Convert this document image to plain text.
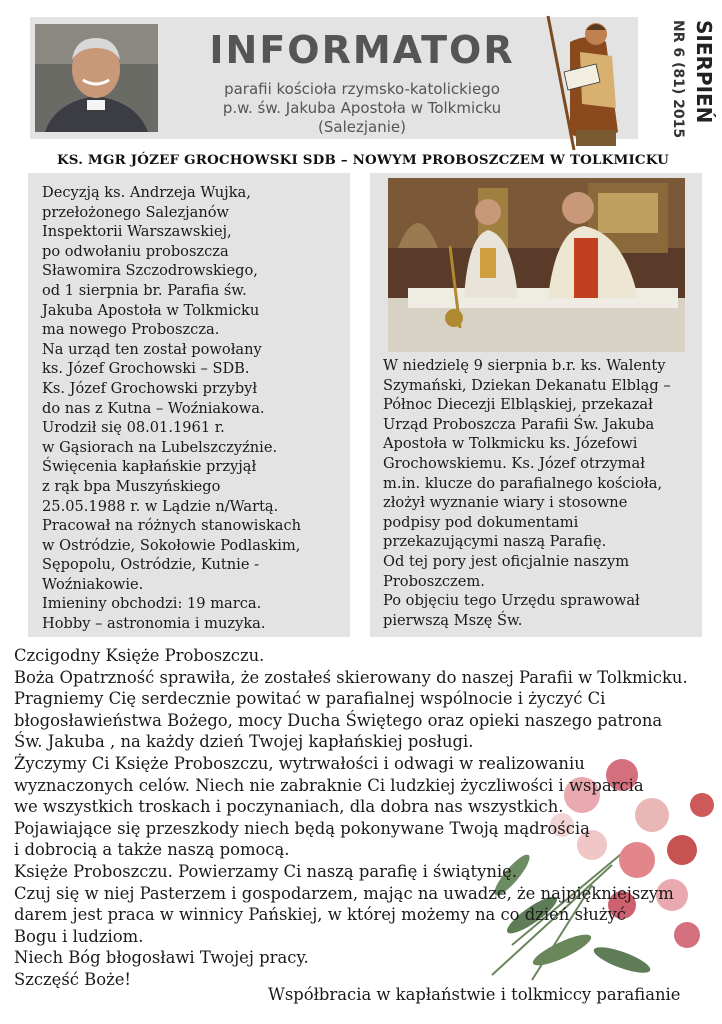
INFORMATOR
parafii kościoła rzymsko-katolickiego
p.w. św. Jakuba Apostoła w Tolkmicku
(Salezjanie)	NR 6 (81) 2015 SIERPIEŃ
KS. MGR JÓZEF GROCHOWSKI SDB – NOWYM PROBOSZCZEM W TOLKMICKU
Decyzją ks. Andrzeja Wujka,
przełożonego Salezjanów
Inspektorii Warszawskiej,
po odwołaniu proboszcza
Sławomira Szczodrowskiego,
od 1 sierpnia br. Parafia św.
Jakuba Apostoła w Tolkmicku
ma nowego Proboszcza.
Na urząd ten został powołany
ks. Józef Grochowski – SDB.
Ks. Józef Grochowski przybył
do nas z Kutna – Woźniakowa.
Urodził się 08.01.1961 r.
w Gąsiorach na Lubelszczyźnie.
Święcenia kapłańskie przyjął
z rąk bpa Muszyńskiego
25.05.1988 r. w Lądzie n/Wartą.
Pracował na różnych stanowiskach
w Ostródzie, Sokołowie Podlaskim,
Sępopolu, Ostródzie, Kutnie -
Woźniakowie.
Imieniny obchodzi: 19 marca.
Hobby – astronomia i muzyka.
W niedzielę 9 sierpnia b.r. ks. Walenty
Szymański, Dziekan Dekanatu Elbląg –
Północ Diecezji Elbląskiej, przekazał
Urząd Proboszcza Parafii Św. Jakuba
Apostoła w Tolkmicku ks. Józefowi
Grochowskiemu. Ks. Józef otrzymał
m.in. klucze do parafialnego kościoła,
złożył wyznanie wiary i stosowne
podpisy pod dokumentami
przekazującymi naszą Parafię.
Od tej pory jest oficjalnie naszym
Proboszczem.
Po objęciu tego Urzędu sprawował
pierwszą Mszę Św.
Czcigodny Księże Proboszczu.
Boża Opatrzność sprawiła, że zostałeś skierowany do naszej Parafii w Tolkmicku.
Pragniemy Cię serdecznie powitać w parafialnej wspólnocie i życzyć Ci
błogosławieństwa Bożego, mocy Ducha Świętego oraz opieki naszego patrona
Św. Jakuba , na każdy dzień Twojej kapłańskiej posługi.
Życzymy Ci Księże Proboszczu, wytrwałości i odwagi w realizowaniu
wyznaczonych celów. Niech nie zabraknie Ci ludzkiej życzliwości i wsparcia
we wszystkich troskach i poczynaniach, dla dobra nas wszystkich.
Pojawiające się przeszkody niech będą pokonywane Twoją mądrością
i dobrocią a także naszą pomocą.
Księże Proboszczu. Powierzamy Ci naszą parafię i świątynię.
Czuj się w niej Pasterzem i gospodarzem, mając na uwadze, że najpiękniejszym
darem jest praca w winnicy Pańskiej, w której możemy na co dzień służyć
Bogu i ludziom.
Niech Bóg błogosławi Twojej pracy.
Szczęść Boże!
Współbracia w kapłaństwie i tolkmiccy parafianie
